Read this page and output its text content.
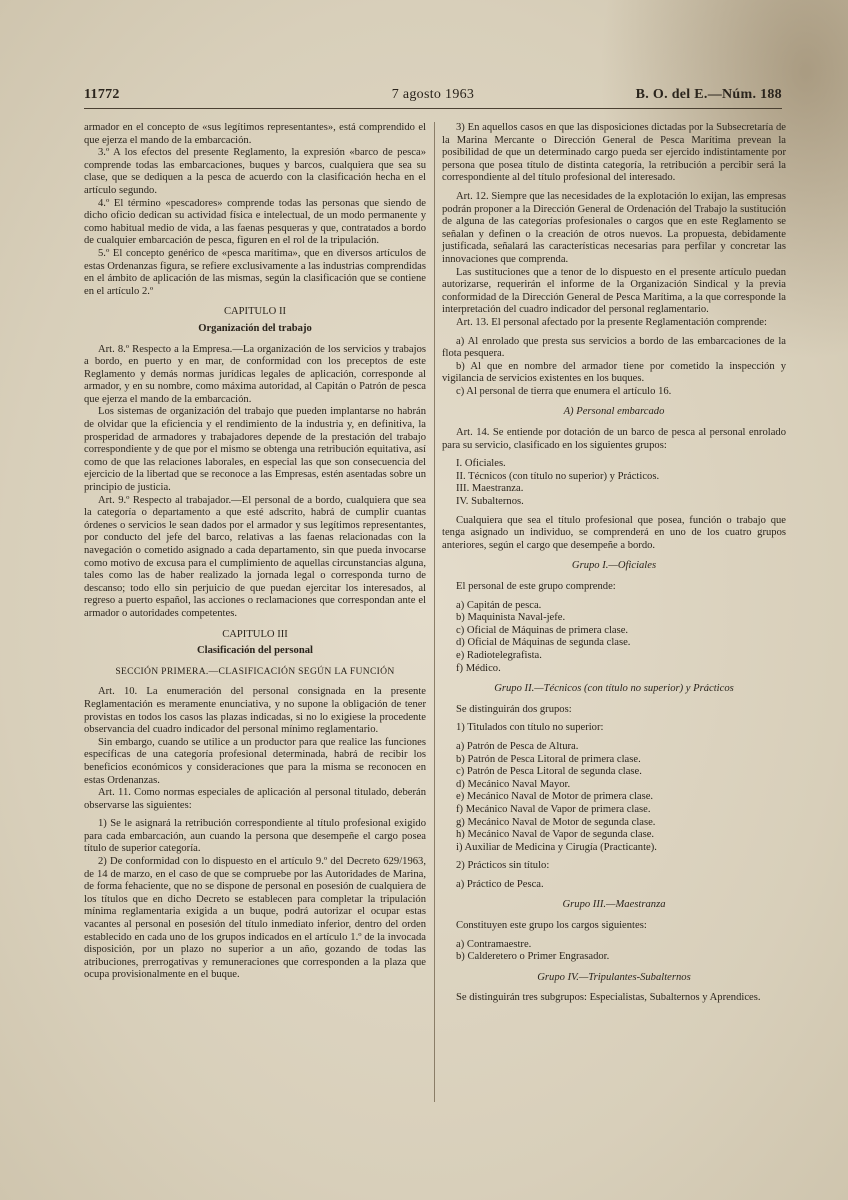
11772	7 agosto 1963	B. O. del E.—Núm. 188

armador en el concepto de «sus legítimos representantes», está comprendido el que ejerza el mando de la embarcación.

3.º A los efectos del presente Reglamento, la expresión «barco de pesca» comprende todas las embarcaciones, buques y barcos, cualquiera que sea su clase, que se dediquen a la pesca de acuerdo con la clasificación hecha en el artículo segundo.

4.º El término «pescadores» comprende todas las personas que siendo de dicho oficio dedican su actividad física e intelectual, de un modo permanente y como habitual medio de vida, a las faenas pesqueras y que, contratados a bordo de cualquier embarcación de pesca, figuren en el rol de la tripulación.

5.º El concepto genérico de «pesca marítima», que en diversos artículos de estas Ordenanzas figura, se refiere exclusivamente a las industrias comprendidas en el ámbito de aplicación de las mismas, según la clasificación que se contiene en el artículo 2.º

CAPITULO II

Organización del trabajo

Art. 8.º Respecto a la Empresa.—La organización de los servicios y trabajos a bordo, en puerto y en mar, de conformidad con los preceptos de este Reglamento y demás normas jurídicas legales de aplicación, corresponde al armador, y en su nombre, como máxima autoridad, al Capitán o Patrón de pesca que ejerza el mando de la embarcación.

Los sistemas de organización del trabajo que pueden implantarse no habrán de olvidar que la eficiencia y el rendimiento de la industria y, en definitiva, la prosperidad de armadores y trabajadores depende de la prestación del trabajo correspondiente y de que por el mismo se obtenga una retribución equitativa, así como de que las relaciones laborales, en especial las que son consecuencia del ejercicio de la libertad que se reconoce a las Empresas, estén asentadas sobre un principio de justicia.

Art. 9.º Respecto al trabajador.—El personal de a bordo, cualquiera que sea la categoría o departamento a que esté adscrito, habrá de cumplir cuantas órdenes o servicios le sean dados por el armador y sus legítimos representantes, por conducto del jefe del barco, relativas a las faenas relacionadas con la navegación o cometido asignado a cada departamento, sin que pueda invocarse como motivo de excusa para el cumplimiento de aquellas circunstancias alguna, tales como las de haber realizado la jornada legal o corresponda turno de descanso; todo ello sin perjuicio de que puedan ejercitar los interesados, al regreso a puerto español, las acciones o reclamaciones que correspondan ante el armador o autoridades competentes.

CAPITULO III

Clasificación del personal

SECCIÓN PRIMERA.—CLASIFICACIÓN SEGÚN LA FUNCIÓN

Art. 10. La enumeración del personal consignada en la presente Reglamentación es meramente enunciativa, y no supone la obligación de tener provistas en todos los casos las plazas indicadas, si no lo exigiese la procedente observancia del cuadro indicador del personal mínimo reglamentario.

Sin embargo, cuando se utilice a un productor para que realice las funciones específicas de una categoría profesional determinada, habrá de recibir los beneficios económicos y consideraciones que para la misma se reconocen en estas Ordenanzas.

Art. 11. Como normas especiales de aplicación al personal titulado, deberán observarse las siguientes:

1) Se le asignará la retribución correspondiente al título profesional exigido para cada embarcación, aun cuando la persona que desempeñe el cargo posea título de superior categoría.

2) De conformidad con lo dispuesto en el artículo 9.º del Decreto 629/1963, de 14 de marzo, en el caso de que se compruebe por las Autoridades de Marina, de forma fehaciente, que no se dispone de personal en posesión de cualquiera de los títulos que en dicho Decreto se establecen para completar la tripulación mínima reglamentaria exigida a un buque, podrá autorizar el ocupar estas vacantes al personal en posesión del título inmediato inferior, dentro del orden establecido en cada uno de los grupos indicados en el artículo 1.º de la invocada disposición, por un plazo no superior a un año, gozando de todas las atribuciones, prerrogativas y remuneraciones que corresponden a la plaza que ocupa provisionalmente en el buque.

3) En aquellos casos en que las disposiciones dictadas por la Subsecretaría de la Marina Mercante o Dirección General de Pesca Marítima prevean la posibilidad de que un determinado cargo pueda ser ejercido indistintamente por persona que posea título de distinta categoría, la retribución a percibir será la correspondiente al del título profesional del interesado.

Art. 12. Siempre que las necesidades de la explotación lo exijan, las empresas podrán proponer a la Dirección General de Ordenación del Trabajo la sustitución de alguna de las categorías profesionales o cargos que en este Reglamento se señalan y definen o la creación de otros nuevos. La propuesta, debidamente justificada, señalará las características necesarias para perfilar y concretar las innovaciones que comprenda.

Las sustituciones que a tenor de lo dispuesto en el presente artículo puedan autorizarse, requerirán el informe de la Organización Sindical y la previa conformidad de la Dirección General de Pesca Marítima, a la que corresponde la interpretación del cuadro indicador del personal reglamentario.

Art. 13. El personal afectado por la presente Reglamentación comprende:

a) Al enrolado que presta sus servicios a bordo de las embarcaciones de la flota pesquera.

b) Al que en nombre del armador tiene por cometido la inspección y vigilancia de servicios existentes en los buques.

c) Al personal de tierra que enumera el artículo 16.

A) Personal embarcado

Art. 14. Se entiende por dotación de un barco de pesca al personal enrolado para su servicio, clasificado en los siguientes grupos:

I. Oficiales.

II. Técnicos (con título no superior) y Prácticos.

III. Maestranza.

IV. Subalternos.

Cualquiera que sea el título profesional que posea, función o trabajo que tenga asignado un individuo, se comprenderá en uno de los cuatro grupos anteriores, según el cargo que desempeñe a bordo.

Grupo I.—Oficiales

El personal de este grupo comprende:

a) Capitán de pesca.

b) Maquinista Naval-jefe.

c) Oficial de Máquinas de primera clase.

d) Oficial de Máquinas de segunda clase.

e) Radiotelegrafista.

f) Médico.

Grupo II.—Técnicos (con título no superior) y Prácticos

Se distinguirán dos grupos:

1) Titulados con título no superior:

a) Patrón de Pesca de Altura.

b) Patrón de Pesca Litoral de primera clase.

c) Patrón de Pesca Litoral de segunda clase.

d) Mecánico Naval Mayor.

e) Mecánico Naval de Motor de primera clase.

f) Mecánico Naval de Vapor de primera clase.

g) Mecánico Naval de Motor de segunda clase.

h) Mecánico Naval de Vapor de segunda clase.

i) Auxiliar de Medicina y Cirugía (Practicante).

2) Prácticos sin título:

a) Práctico de Pesca.

Grupo III.—Maestranza

Constituyen este grupo los cargos siguientes:

a) Contramaestre.

b) Calderetero o Primer Engrasador.

Grupo IV.—Tripulantes-Subalternos

Se distinguirán tres subgrupos: Especialistas, Subalternos y Aprendices.
